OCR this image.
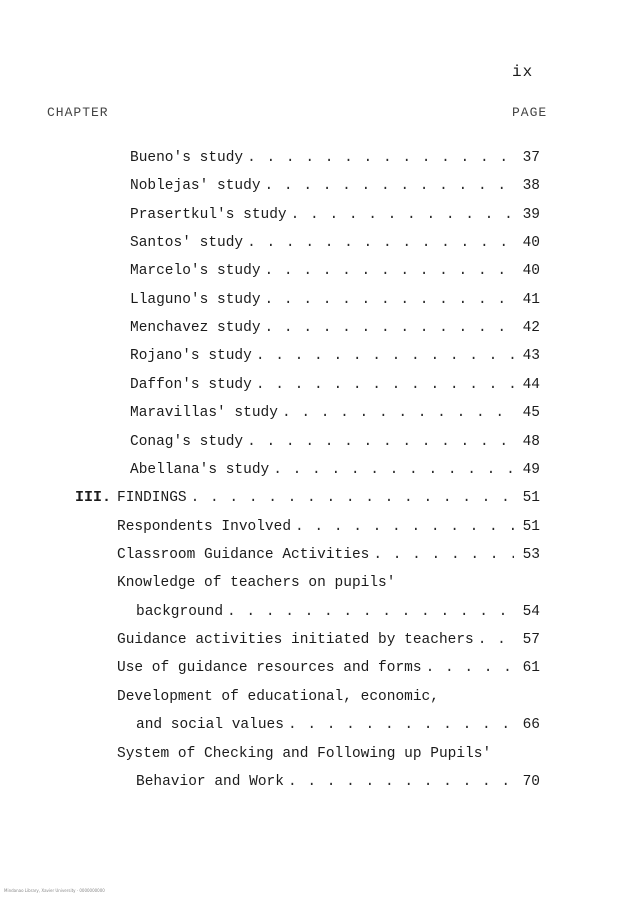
ix
CHAPTER	PAGE
Bueno's study . . .	37
Noblejas' study . . .	38
Prasertkul's study . . .	39
Santos' study . . .	40
Marcelo's study . . .	40
Llaguno's study . . .	41
Menchavez study . . .	42
Rojano's study . . .	43
Daffon's study . . .	44
Maravillas' study . . .	45
Conag's study . . .	48
Abellana's study . . .	49
III. FINDINGS . . .	51
Respondents Involved . . .	51
Classroom Guidance Activities . . .	53
Knowledge of teachers on pupils'
background . . .	54
Guidance activities initiated by teachers . . .	57
Use of guidance resources and forms . . .	61
Development of educational, economic,
and social values . . .	66
System of Checking and Following up Pupils'
Behavior and Work . . .	70
Mindanao Library, Xavier University · 0000000000
